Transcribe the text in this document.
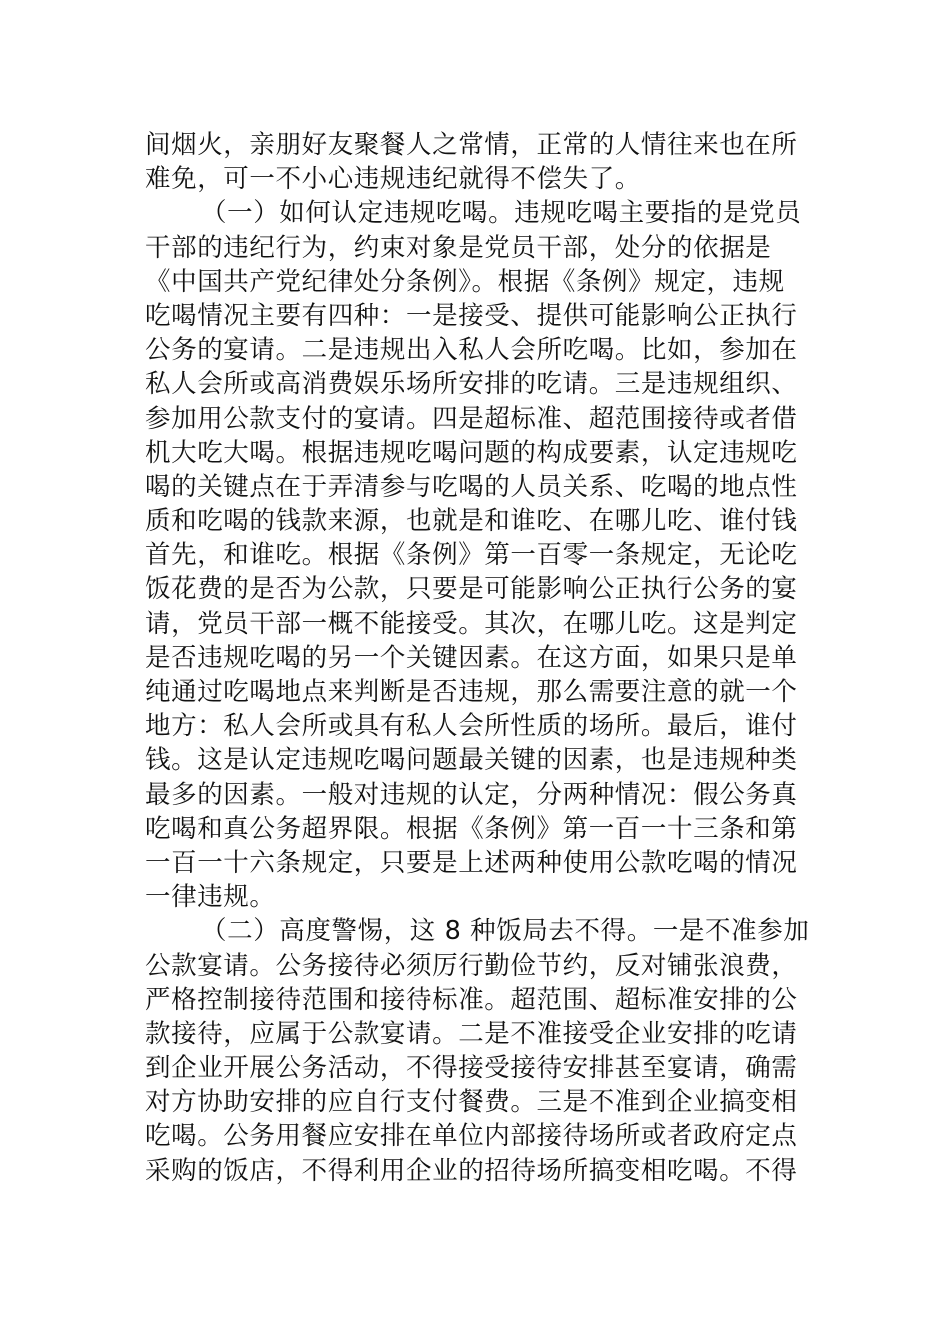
间烟火，亲朋好友聚餐人之常情，正常的人情往来也在所
难免，可一不小心违规违纪就得不偿失了。
（一）如何认定违规吃喝。违规吃喝主要指的是党员
干部的违纪行为，约束对象是党员干部，处分的依据是
《中国共产党纪律处分条例》。根据《条例》规定，违规
吃喝情况主要有四种：一是接受、提供可能影响公正执行
公务的宴请。二是违规出入私人会所吃喝。比如，参加在
私人会所或高消费娱乐场所安排的吃请。三是违规组织、
参加用公款支付的宴请。四是超标准、超范围接待或者借
机大吃大喝。根据违规吃喝问题的构成要素，认定违规吃
喝的关键点在于弄清参与吃喝的人员关系、吃喝的地点性
质和吃喝的钱款来源，也就是和谁吃、在哪儿吃、谁付钱
首先，和谁吃。根据《条例》第一百零一条规定，无论吃
饭花费的是否为公款，只要是可能影响公正执行公务的宴
请，党员干部一概不能接受。其次，在哪儿吃。这是判定
是否违规吃喝的另一个关键因素。在这方面，如果只是单
纯通过吃喝地点来判断是否违规，那么需要注意的就一个
地方：私人会所或具有私人会所性质的场所。最后，谁付
钱。这是认定违规吃喝问题最关键的因素，也是违规种类
最多的因素。一般对违规的认定，分两种情况：假公务真
吃喝和真公务超界限。根据《条例》第一百一十三条和第
一百一十六条规定，只要是上述两种使用公款吃喝的情况
一律违规。
（二）高度警惕，这 8 种饭局去不得。一是不准参加
公款宴请。公务接待必须厉行勤俭节约，反对铺张浪费，
严格控制接待范围和接待标准。超范围、超标准安排的公
款接待，应属于公款宴请。二是不准接受企业安排的吃请
到企业开展公务活动，不得接受接待安排甚至宴请，确需
对方协助安排的应自行支付餐费。三是不准到企业搞变相
吃喝。公务用餐应安排在单位内部接待场所或者政府定点
采购的饭店，不得利用企业的招待场所搞变相吃喝。不得
